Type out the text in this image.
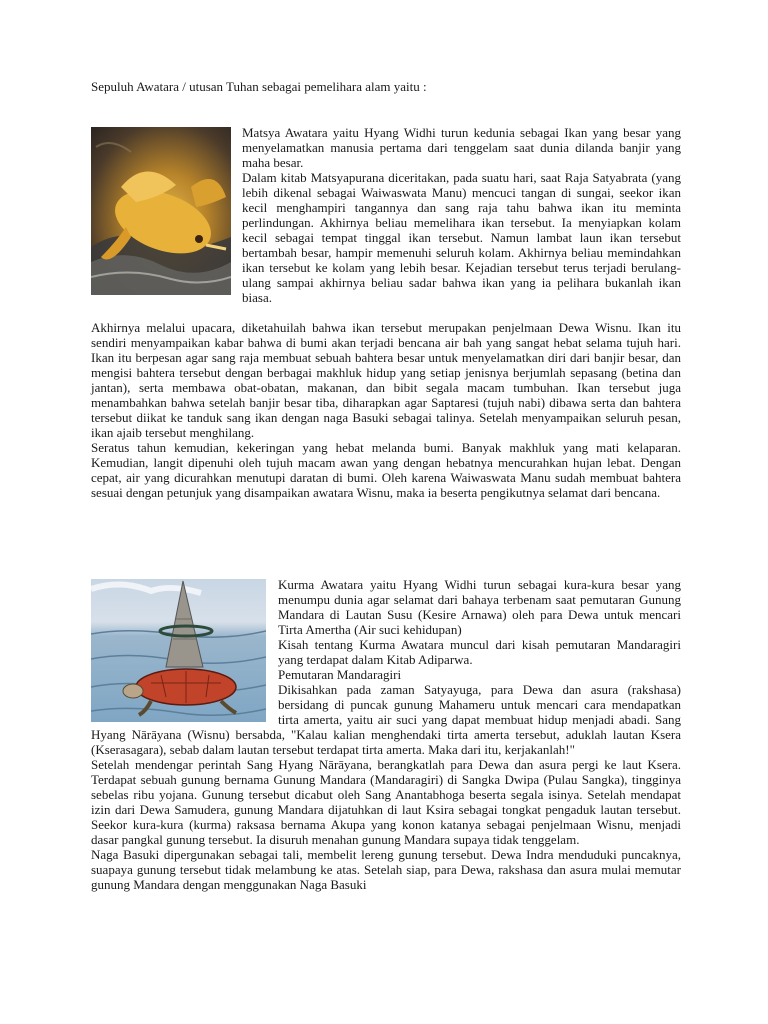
Sepuluh Awatara / utusan Tuhan sebagai pemelihara alam yaitu :

Matsya Awatara yaitu Hyang Widhi turun kedunia sebagai Ikan yang besar yang menyelamatkan manusia pertama dari tenggelam saat dunia dilanda banjir yang maha besar.

Dalam kitab Matsyapurana diceritakan, pada suatu hari, saat Raja Satyabrata (yang lebih dikenal sebagai Waiwaswata Manu) mencuci tangan di sungai, seekor ikan kecil menghampiri tangannya dan sang raja tahu bahwa ikan itu meminta perlindungan. Akhirnya beliau memelihara ikan tersebut. Ia menyiapkan kolam kecil sebagai tempat tinggal ikan tersebut. Namun lambat laun ikan tersebut bertambah besar, hampir memenuhi seluruh kolam. Akhirnya beliau memindahkan ikan tersebut ke kolam yang lebih besar. Kejadian tersebut terus terjadi berulang-ulang sampai akhirnya beliau sadar bahwa ikan yang ia pelihara bukanlah ikan biasa.

Akhirnya melalui upacara, diketahuilah bahwa ikan tersebut merupakan penjelmaan Dewa Wisnu. Ikan itu sendiri menyampaikan kabar bahwa di bumi akan terjadi bencana air bah yang sangat hebat selama tujuh hari. Ikan itu berpesan agar sang raja membuat sebuah bahtera besar untuk menyelamatkan diri dari banjir besar, dan mengisi bahtera tersebut dengan berbagai makhluk hidup yang setiap jenisnya berjumlah sepasang (betina dan jantan), serta membawa obat-obatan, makanan, dan bibit segala macam tumbuhan. Ikan tersebut juga menambahkan bahwa setelah banjir besar tiba, diharapkan agar Saptaresi (tujuh nabi) dibawa serta dan bahtera tersebut diikat ke tanduk sang ikan dengan naga Basuki sebagai talinya. Setelah menyampaikan seluruh pesan, ikan ajaib tersebut menghilang.

Seratus tahun kemudian, kekeringan yang hebat melanda bumi. Banyak makhluk yang mati kelaparan. Kemudian, langit dipenuhi oleh tujuh macam awan yang dengan hebatnya mencurahkan hujan lebat. Dengan cepat, air yang dicurahkan menutupi daratan di bumi. Oleh karena Waiwaswata Manu sudah membuat bahtera sesuai dengan petunjuk yang disampaikan awatara Wisnu, maka ia beserta pengikutnya selamat dari bencana.

Kurma Awatara yaitu Hyang Widhi turun sebagai kura-kura besar yang menumpu dunia agar selamat dari bahaya terbenam saat pemutaran Gunung Mandara di Lautan Susu (Kesire Arnawa) oleh para Dewa untuk mencari Tirta Amertha (Air suci kehidupan)

Kisah tentang Kurma Awatara muncul dari kisah pemutaran Mandaragiri yang terdapat dalam Kitab Adiparwa.

Pemutaran Mandaragiri

Dikisahkan pada zaman Satyayuga, para Dewa dan asura (rakshasa) bersidang di puncak gunung Mahameru untuk mencari cara mendapatkan tirta amerta, yaitu air suci yang dapat membuat hidup menjadi abadi. Sang Hyang Nārāyana (Wisnu) bersabda, "Kalau kalian menghendaki tirta amerta tersebut, aduklah lautan Ksera (Kserasagara), sebab dalam lautan tersebut terdapat tirta amerta. Maka dari itu, kerjakanlah!"

Setelah mendengar perintah Sang Hyang Nārāyana, berangkatlah para Dewa dan asura pergi ke laut Ksera. Terdapat sebuah gunung bernama Gunung Mandara (Mandaragiri) di Sangka Dwipa (Pulau Sangka), tingginya sebelas ribu yojana. Gunung tersebut dicabut oleh Sang Anantabhoga beserta segala isinya. Setelah mendapat izin dari Dewa Samudera, gunung Mandara dijatuhkan di laut Ksira sebagai tongkat pengaduk lautan tersebut. Seekor kura-kura (kurma) raksasa bernama Akupa yang konon katanya sebagai penjelmaan Wisnu, menjadi dasar pangkal gunung tersebut. Ia disuruh menahan gunung Mandara supaya tidak tenggelam.

Naga Basuki dipergunakan sebagai tali, membelit lereng gunung tersebut. Dewa Indra menduduki puncaknya, suapaya gunung tersebut tidak melambung ke atas. Setelah siap, para Dewa, rakshasa dan asura mulai memutar gunung Mandara dengan menggunakan Naga Basuki
